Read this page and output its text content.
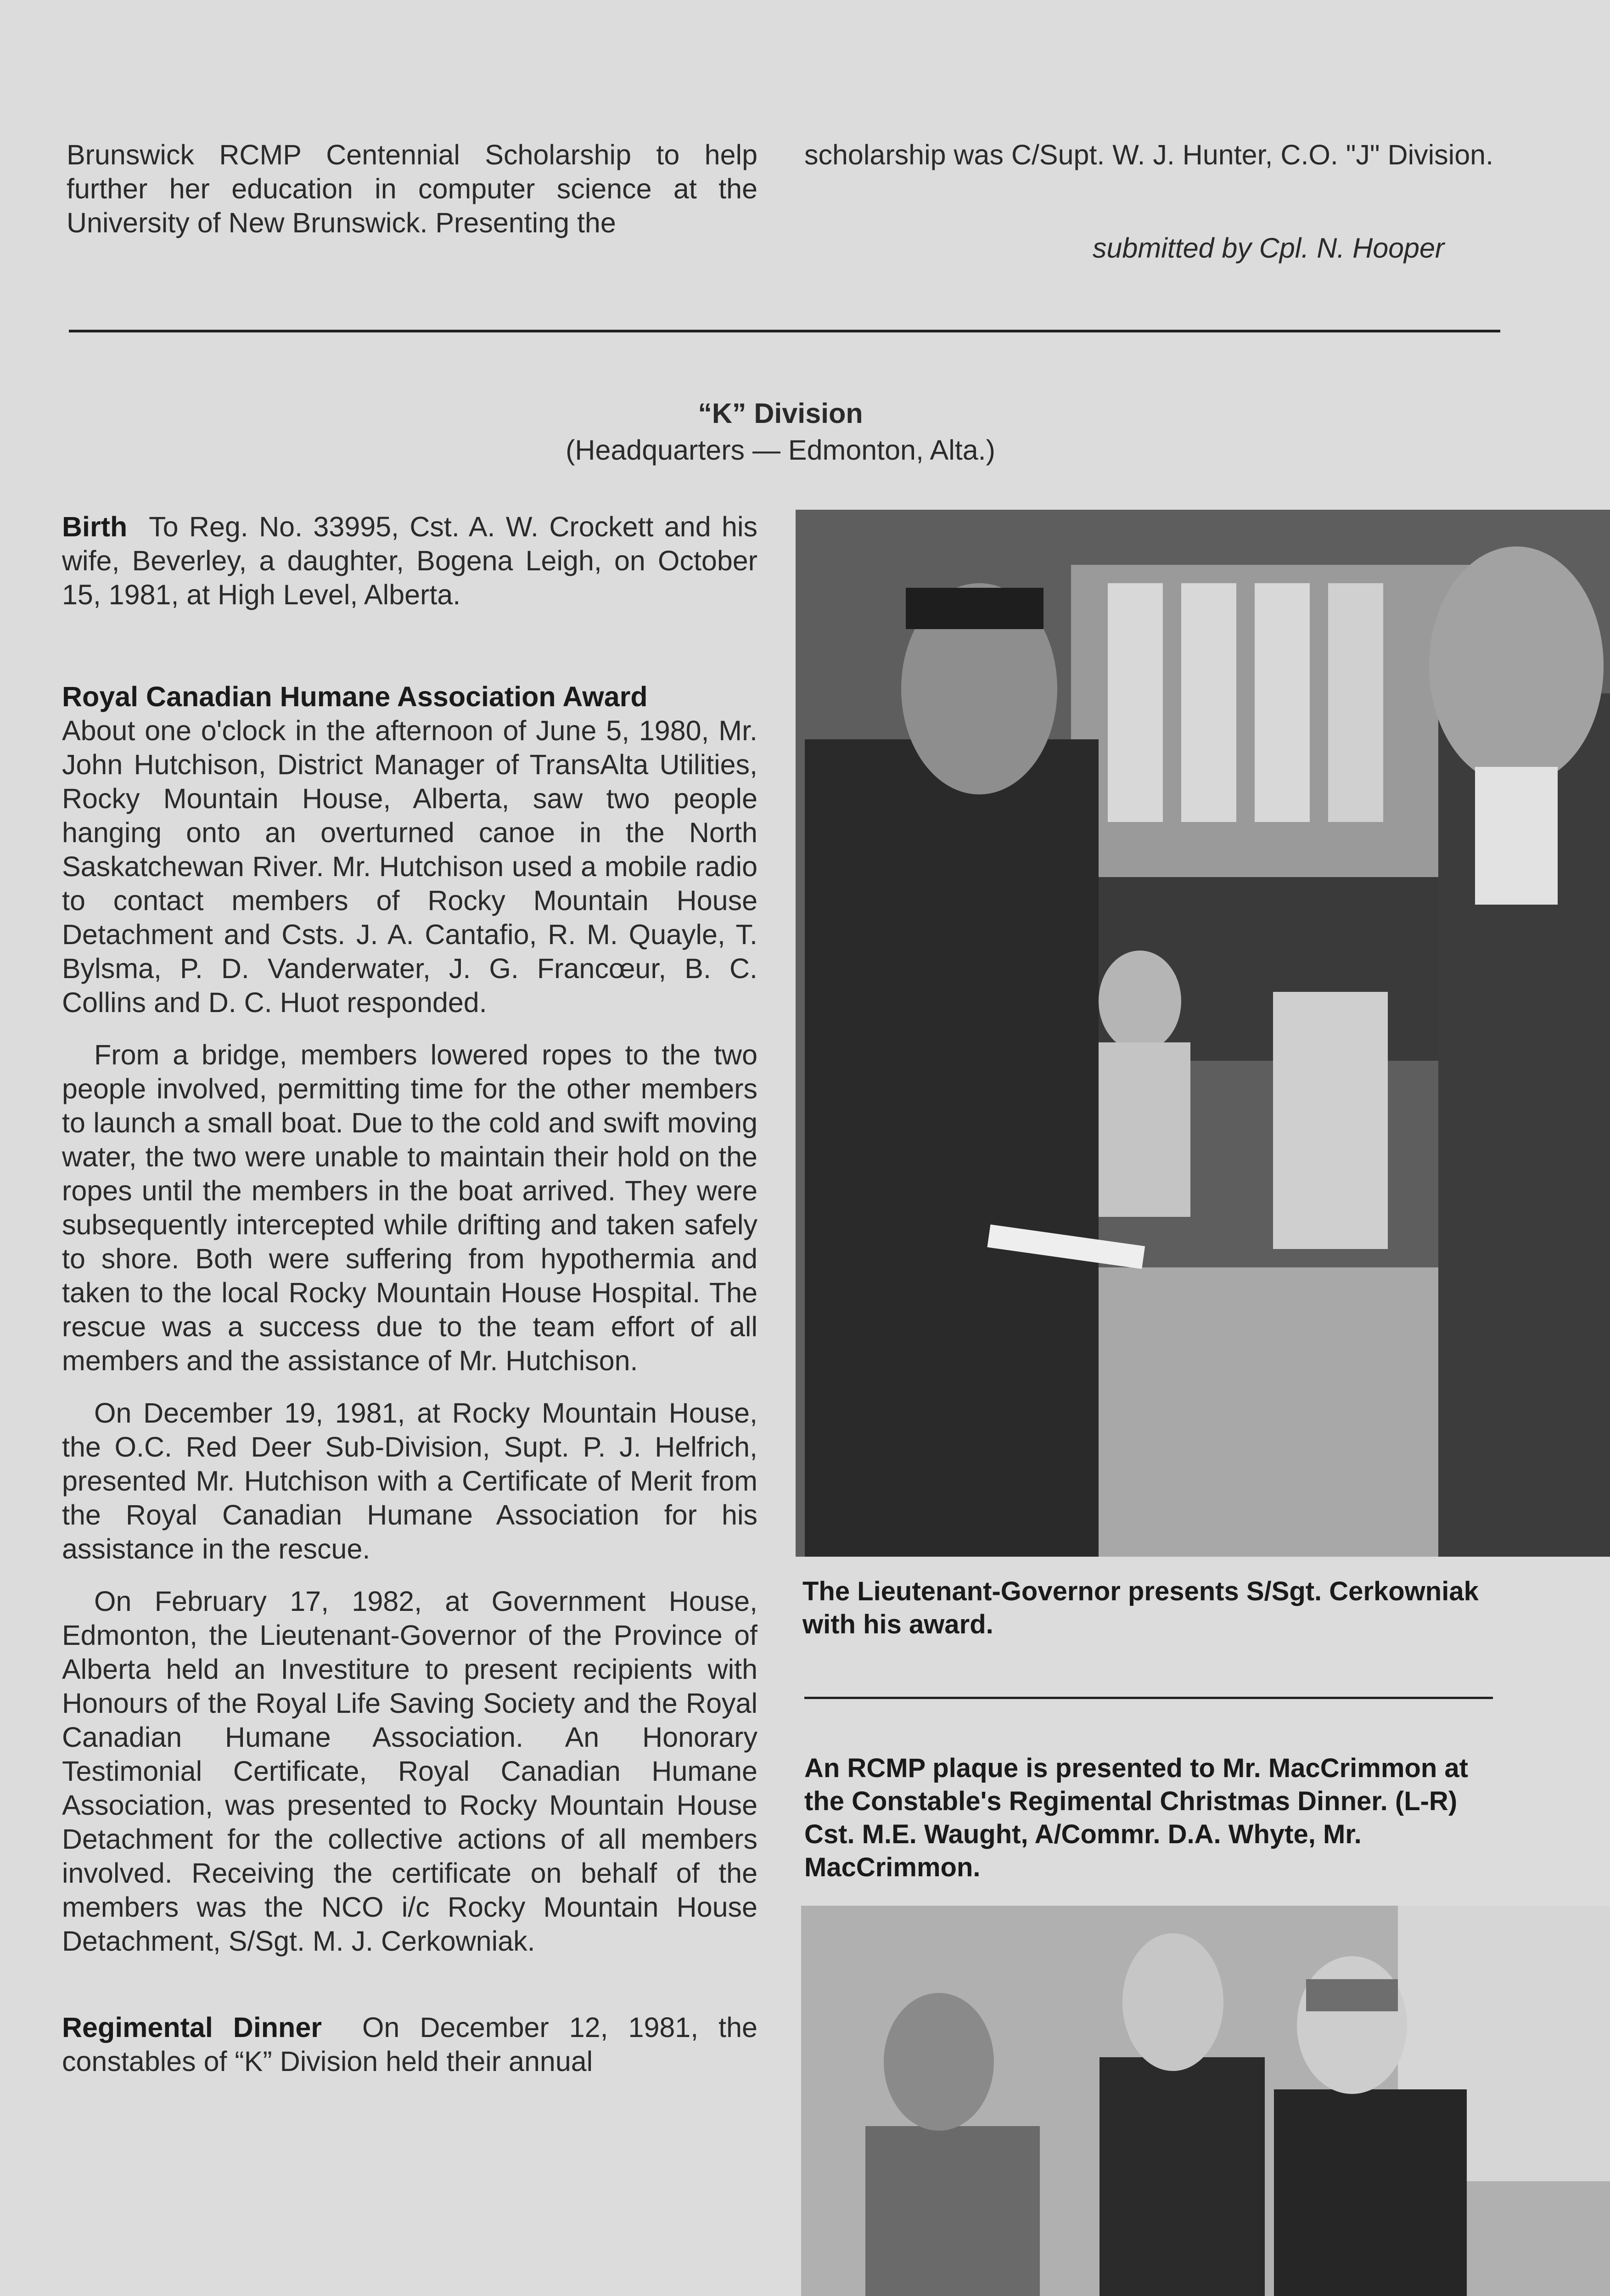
Brunswick RCMP Centennial Scholarship to help further her education in computer science at the University of New Brunswick. Presenting the

scholarship was C/Supt. W. J. Hunter, C.O. "J" Division.

submitted by Cpl. N. Hooper
“K” Division
(Headquarters — Edmonton, Alta.)

Birth To Reg. No. 33995, Cst. A. W. Crockett and his wife, Beverley, a daughter, Bogena Leigh, on October 15, 1981, at High Level, Alberta.

Royal Canadian Humane Association Award

About one o'clock in the afternoon of June 5, 1980, Mr. John Hutchison, District Manager of TransAlta Utilities, Rocky Mountain House, Alberta, saw two people hanging onto an overturned canoe in the North Saskatchewan River. Mr. Hutchison used a mobile radio to contact members of Rocky Mountain House Detachment and Csts. J. A. Cantafio, R. M. Quayle, T. Bylsma, P. D. Vanderwater, J. G. Francœur, B. C. Collins and D. C. Huot responded.

From a bridge, members lowered ropes to the two people involved, permitting time for the other members to launch a small boat. Due to the cold and swift moving water, the two were unable to maintain their hold on the ropes until the members in the boat arrived. They were subsequently intercepted while drifting and taken safely to shore. Both were suffering from hypothermia and taken to the local Rocky Mountain House Hospital. The rescue was a success due to the team effort of all members and the assistance of Mr. Hutchison.

On December 19, 1981, at Rocky Mountain House, the O.C. Red Deer Sub-Division, Supt. P. J. Helfrich, presented Mr. Hutchison with a Certificate of Merit from the Royal Canadian Humane Association for his assistance in the rescue.

On February 17, 1982, at Government House, Edmonton, the Lieutenant-Governor of the Province of Alberta held an Investiture to present recipients with Honours of the Royal Life Saving Society and the Royal Canadian Humane Association. An Honorary Testimonial Certificate, Royal Canadian Humane Association, was presented to Rocky Mountain House Detachment for the collective actions of all members involved. Receiving the certificate on behalf of the members was the NCO i/c Rocky Mountain House Detachment, S/Sgt. M. J. Cerkowniak.

Regimental Dinner On December 12, 1981, the constables of “K” Division held their annual

The Lieutenant-Governor presents S/Sgt. Cerkowniak with his award.
An RCMP plaque is presented to Mr. MacCrimmon at the Constable's Regimental Christmas Dinner. (L-R) Cst. M.E. Waught, A/Commr. D.A. Whyte, Mr. MacCrimmon.
